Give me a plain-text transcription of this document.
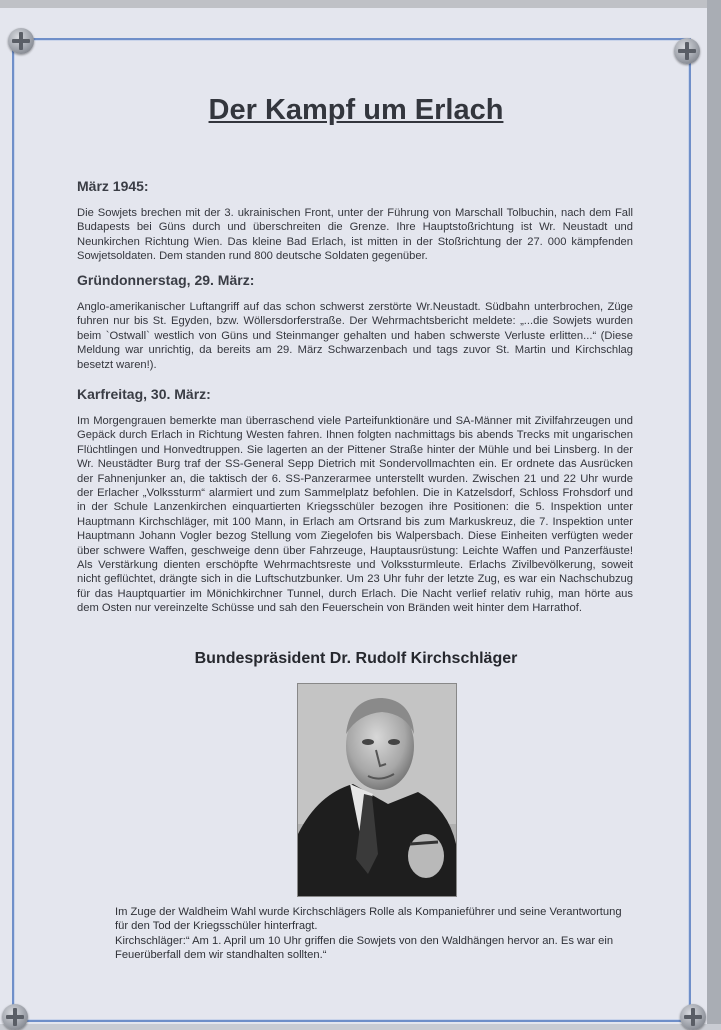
Der Kampf um Erlach
März 1945:
Die Sowjets brechen mit der 3. ukrainischen Front, unter der Führung von Marschall Tolbuchin, nach dem Fall Budapests bei Güns durch und überschreiten die Grenze. Ihre Hauptstoßrichtung ist Wr. Neustadt und Neunkirchen Richtung Wien. Das kleine Bad Erlach, ist mitten in der Stoßrichtung der 27. 000 kämpfenden Sowjetsoldaten. Dem standen rund 800 deutsche Soldaten gegenüber.
Gründonnerstag, 29. März:
Anglo-amerikanischer Luftangriff auf das schon schwerst zerstörte Wr.Neustadt. Südbahn unterbrochen, Züge fuhren nur bis St. Egyden, bzw. Wöllersdorferstraße. Der Wehrmachtsbericht meldete: „...die Sowjets wurden beim `Ostwall` westlich von Güns und Steinmanger gehalten und haben schwerste Verluste erlitten...“ (Diese Meldung war unrichtig, da bereits am 29. März Schwarzenbach und tags zuvor St. Martin und Kirchschlag besetzt waren!).
Karfreitag, 30. März:
Im Morgengrauen bemerkte man überraschend viele Parteifunktionäre und SA-Männer mit Zivilfahrzeugen und Gepäck durch Erlach in Richtung Westen fahren. Ihnen folgten nachmittags bis abends Trecks mit ungarischen Flüchtlingen und Honvedtruppen. Sie lagerten an der Pittener Straße hinter der Mühle und bei Linsberg. In der Wr. Neustädter Burg traf der SS-General Sepp Dietrich mit Sondervollmachten ein. Er ordnete das Ausrücken der Fahnenjunker an, die taktisch der 6. SS-Panzerarmee unterstellt wurden. Zwischen 21 und 22 Uhr wurde der Erlacher „Volkssturm“ alarmiert und zum Sammelplatz befohlen. Die in Katzelsdorf, Schloss Frohsdorf und in der Schule Lanzenkirchen einquartierten Kriegsschüler bezogen ihre Positionen: die 5. Inspektion unter Hauptmann Kirchschläger, mit 100 Mann, in Erlach am Ortsrand bis zum Markuskreuz, die 7. Inspektion unter Hauptmann Johann Vogler bezog Stellung vom Ziegelofen bis Walpersbach. Diese Einheiten verfügten weder über schwere Waffen, geschweige denn über Fahrzeuge, Hauptausrüstung: Leichte Waffen und Panzerfäuste! Als Verstärkung dienten erschöpfte Wehrmachtsreste und Volkssturmleute. Erlachs Zivilbevölkerung, soweit nicht geflüchtet, drängte sich in die Luftschutzbunker. Um 23 Uhr fuhr der letzte Zug, es war ein Nachschubzug für das Hauptquartier im Mönichkirchner Tunnel, durch Erlach. Die Nacht verlief relativ ruhig, man hörte aus dem Osten nur vereinzelte Schüsse und sah den Feuerschein von Bränden weit hinter dem Harrathof.
Bundespräsident Dr. Rudolf Kirchschläger
Im Zuge der Waldheim Wahl wurde Kirchschlägers Rolle als Kompanieführer und seine Verantwortung für den Tod der Kriegsschüler hinterfragt.
Kirchschläger:“ Am 1. April um 10 Uhr griffen die Sowjets von den Waldhängen hervor an. Es war ein Feuerüberfall dem wir standhalten sollten.“
